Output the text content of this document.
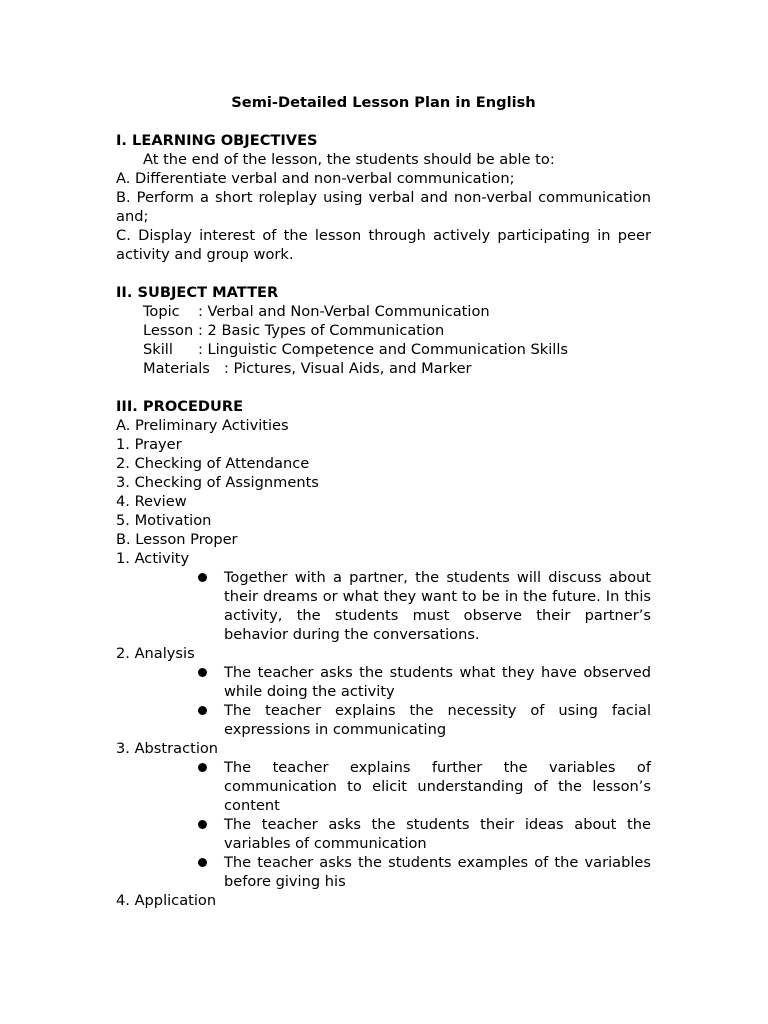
Semi-Detailed Lesson Plan in English
I. LEARNING OBJECTIVES
At the end of the lesson, the students should be able to:
A. Differentiate verbal and non-verbal communication;
B. Perform a short roleplay using verbal and non-verbal communication and;
C. Display interest of the lesson through actively participating in peer activity and group work.
II. SUBJECT MATTER
Topic	: Verbal and Non-Verbal Communication
Lesson : 2 Basic Types of Communication
Skill	: Linguistic Competence and Communication Skills
Materials : Pictures, Visual Aids, and Marker
III. PROCEDURE
A. Preliminary Activities
1. Prayer
2. Checking of Attendance
3. Checking of Assignments
4. Review
5. Motivation
B. Lesson Proper
1. Activity
Together with a partner, the students will discuss about their dreams or what they want to be in the future. In this activity, the students must observe their partner’s behavior during the conversations.
2. Analysis
The teacher asks the students what they have observed while doing the activity
The teacher explains the necessity of using facial expressions in communicating
3. Abstraction
The teacher explains further the variables of communication to elicit understanding of the lesson’s content
The teacher asks the students their ideas about the variables of communication
The teacher asks the students examples of the variables before giving his
4. Application
